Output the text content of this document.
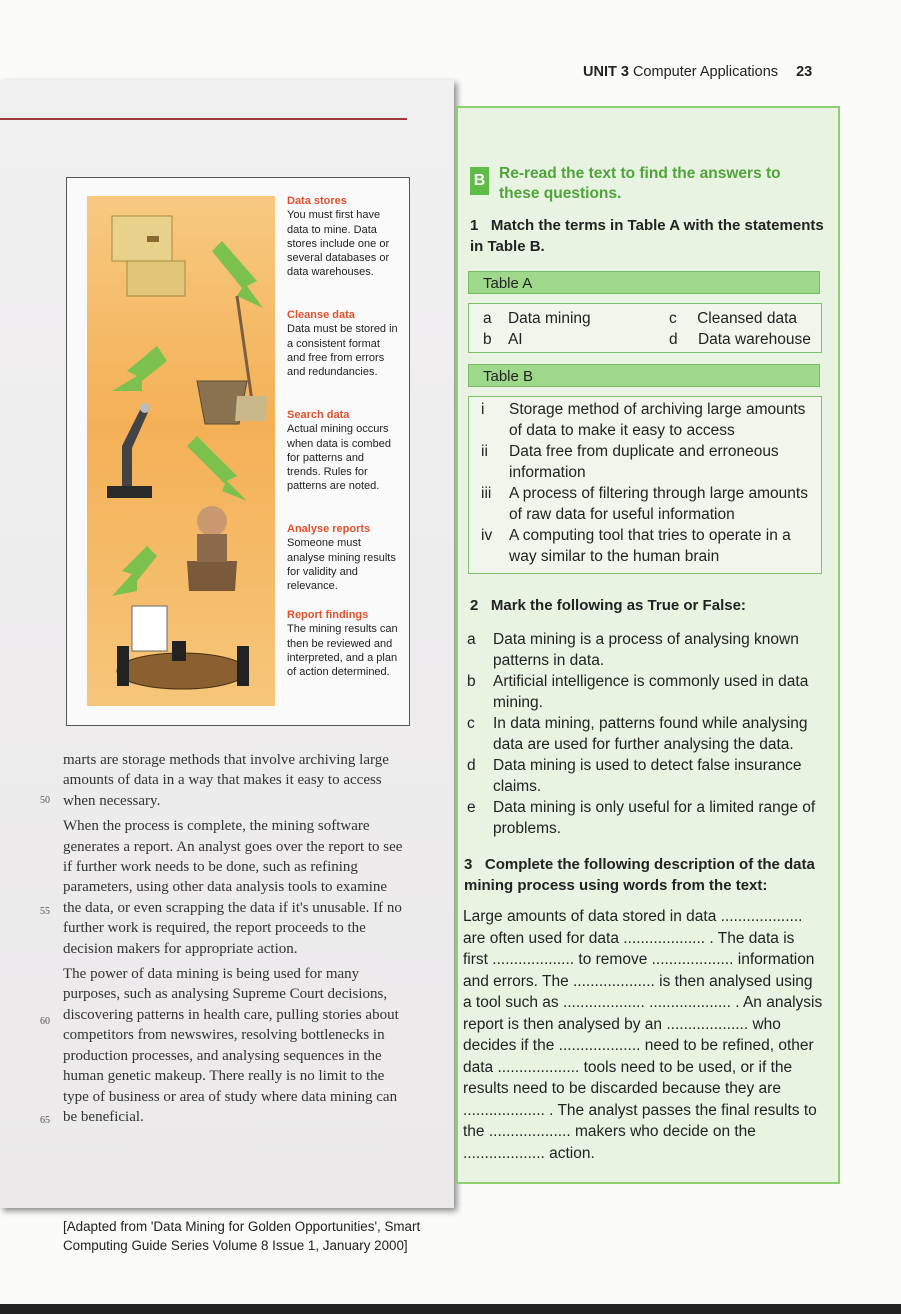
Data stores
You must first have data to mine. Data stores include one or several databases or data warehouses.
Cleanse data
Data must be stored in a consistent format and free from errors and redundancies.
Search data
Actual mining occurs when data is combed for patterns and trends. Rules for patterns are noted.
Analyse reports
Someone must analyse mining results for validity and relevance.
Report findings
The mining results can then be reviewed and interpreted, and a plan of action determined.

marts are storage methods that involve archiving large amounts of data in a way that makes it easy to access when necessary.

When the process is complete, the mining software generates a report. An analyst goes over the report to see if further work needs to be done, such as refining parameters, using other data analysis tools to examine the data, or even scrapping the data if it's unusable. If no further work is required, the report proceeds to the decision makers for appropriate action.

The power of data mining is being used for many purposes, such as analysing Supreme Court decisions, discovering patterns in health care, pulling stories about competitors from newswires, resolving bottlenecks in production processes, and analysing sequences in the human genetic makeup. There really is no limit to the type of business or area of study where data mining can be beneficial.

50
55
60
65
[Adapted from 'Data Mining for Golden Opportunities', Smart Computing Guide Series Volume 8 Issue 1, January 2000]
UNIT 3 Computer Applications 23
B Re-read the text to find the answers to these questions.
1 Match the terms in Table A with the statements in Table B.
Table A
a Data mining	c Cleansed data
b AI	d Data warehouse
Table B
i Storage method of archiving large amounts of data to make it easy to access
ii Data free from duplicate and erroneous information
iii A process of filtering through large amounts of raw data for useful information
iv A computing tool that tries to operate in a way similar to the human brain
2 Mark the following as True or False:
a Data mining is a process of analysing known patterns in data.
b Artificial intelligence is commonly used in data mining.
c In data mining, patterns found while analysing data are used for further analysing the data.
d Data mining is used to detect false insurance claims.
e Data mining is only useful for a limited range of problems.
3 Complete the following description of the data mining process using words from the text:
Large amounts of data stored in data ................... are often used for data ................... . The data is first ................... to remove ................... information and errors. The ................... is then analysed using a tool such as ................... ................... . An analysis report is then analysed by an ................... who decides if the ................... need to be refined, other data ................... tools need to be used, or if the results need to be discarded because they are ................... . The analyst passes the final results to the ................... makers who decide on the ................... action.
